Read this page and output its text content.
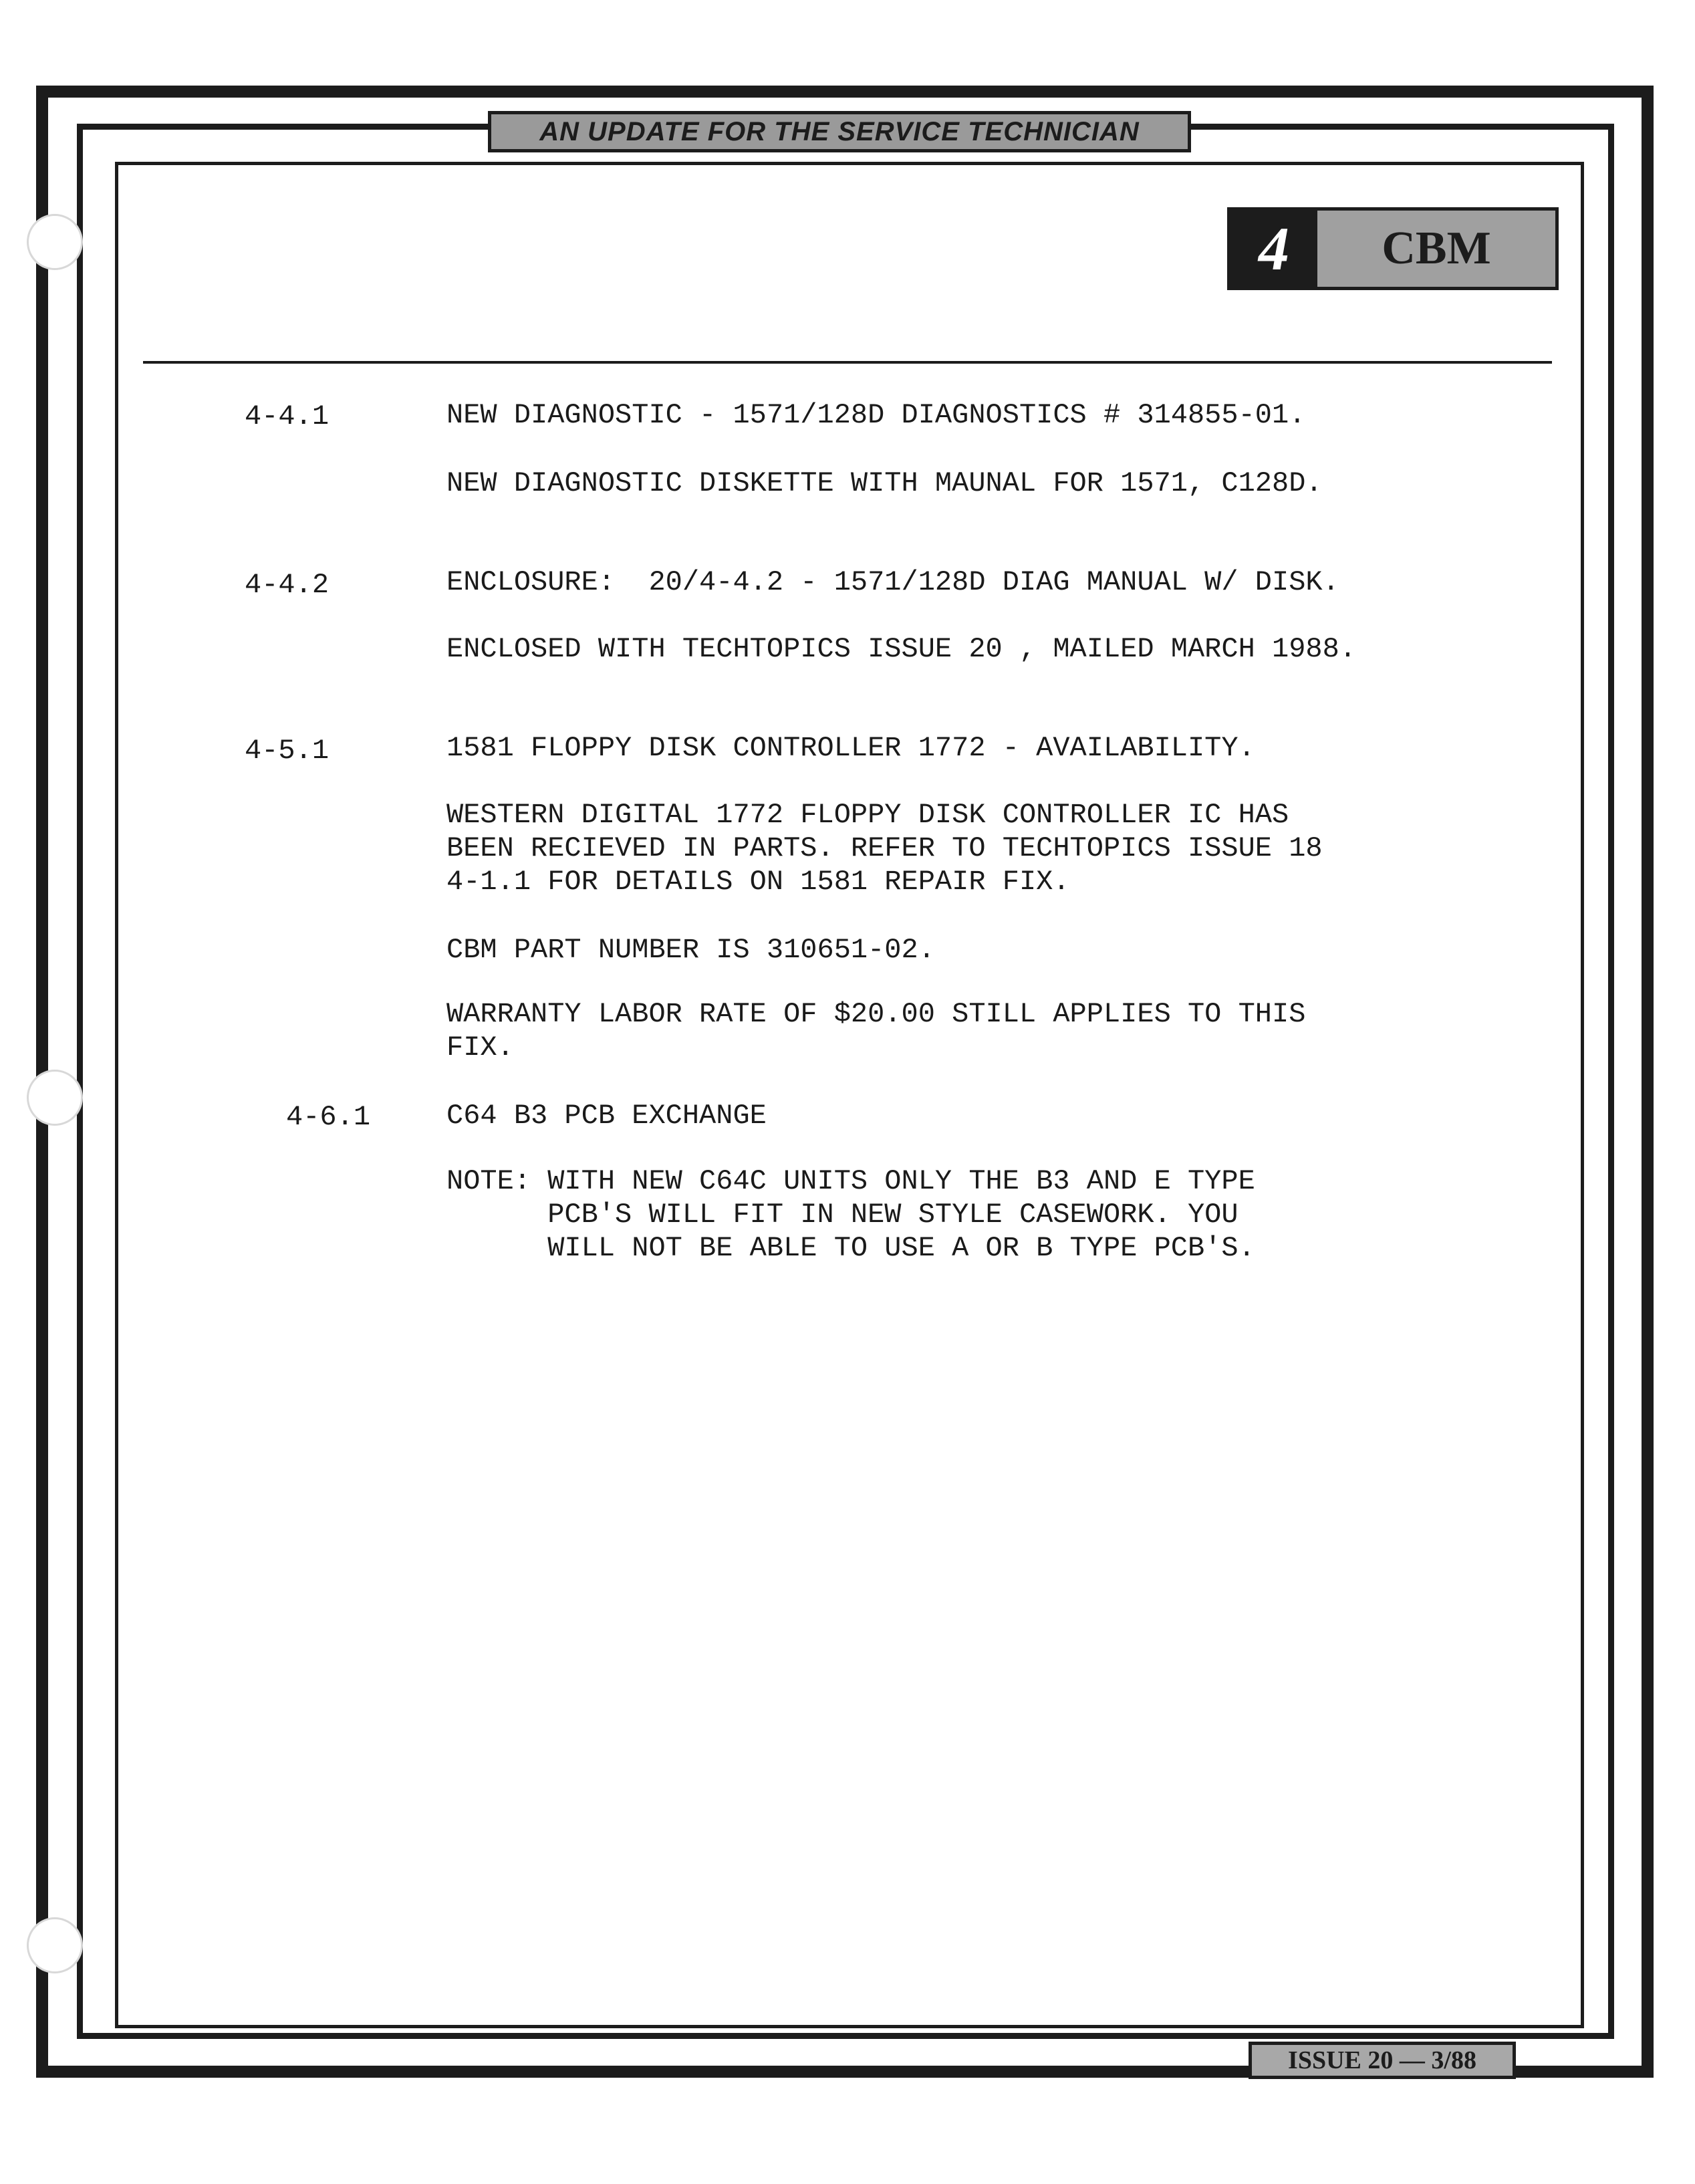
AN UPDATE FOR THE SERVICE TECHNICIAN
4	CBM
4-4.1	NEW DIAGNOSTIC - 1571/128D DIAGNOSTICS # 314855-01.
NEW DIAGNOSTIC DISKETTE WITH MAUNAL FOR 1571, C128D.
4-4.2	ENCLOSURE:  20/4-4.2 - 1571/128D DIAG MANUAL W/ DISK.
ENCLOSED WITH TECHTOPICS ISSUE 20 , MAILED MARCH 1988.
4-5.1	1581 FLOPPY DISK CONTROLLER 1772 - AVAILABILITY.
WESTERN DIGITAL 1772 FLOPPY DISK CONTROLLER IC HAS
BEEN RECIEVED IN PARTS. REFER TO TECHTOPICS ISSUE 18
4-1.1 FOR DETAILS ON 1581 REPAIR FIX.
CBM PART NUMBER IS 310651-02.
WARRANTY LABOR RATE OF $20.00 STILL APPLIES TO THIS
FIX.
4-6.1	C64 B3 PCB EXCHANGE
NOTE: WITH NEW C64C UNITS ONLY THE B3 AND E TYPE
PCB'S WILL FIT IN NEW STYLE CASEWORK. YOU
WILL NOT BE ABLE TO USE A OR B TYPE PCB'S.
ISSUE 20 — 3/88
